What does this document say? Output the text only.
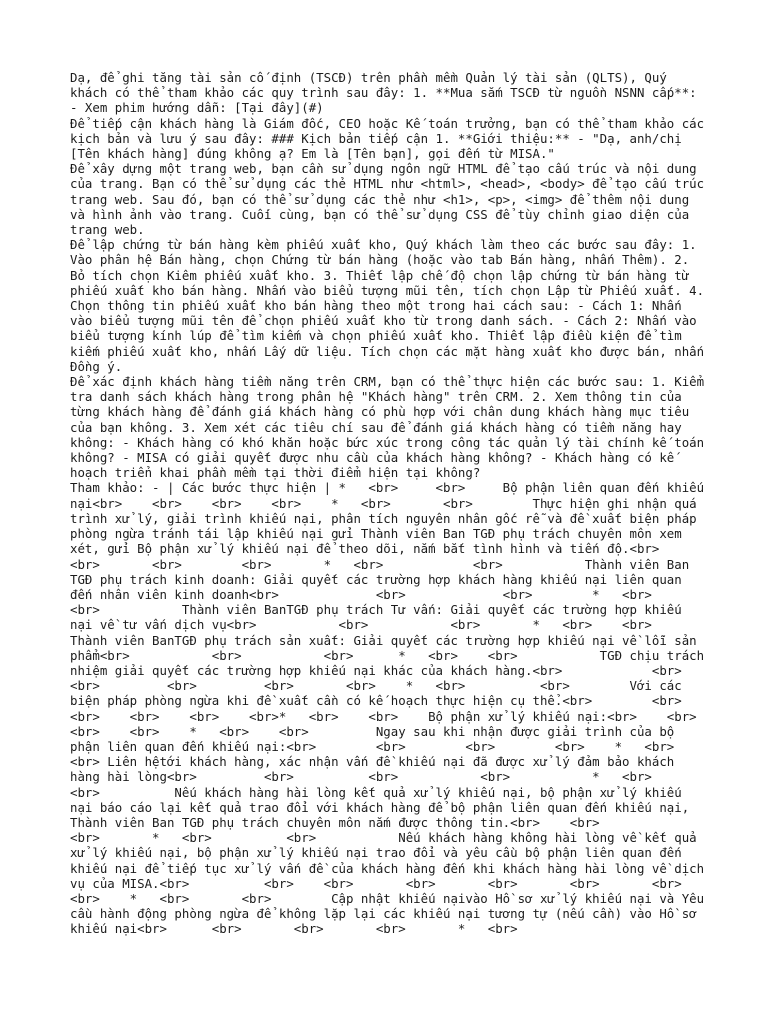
Dạ, để ghi tăng tài sản cố định (TSCĐ) trên phần mềm Quản lý tài sản (QLTS), Quý khách có thể tham khảo các quy trình sau đây: 1. **Mua sắm TSCĐ từ nguồn NSNN cấp**: - Xem phim hướng dẫn: [Tại đây](#)

Để tiếp cận khách hàng là Giám đốc, CEO hoặc Kế toán trưởng, bạn có thể tham khảo các kịch bản và lưu ý sau đây: ### Kịch bản tiếp cận 1. **Giới thiệu:** - "Dạ, anh/chị [Tên khách hàng] đúng không ạ? Em là [Tên bạn], gọi đến từ MISA."

Để xây dựng một trang web, bạn cần sử dụng ngôn ngữ HTML để tạo cấu trúc và nội dung của trang. Bạn có thể sử dụng các thẻ HTML như <html>, <head>, <body> để tạo cấu trúc trang web. Sau đó, bạn có thể sử dụng các thẻ như <h1>, <p>, <img> để thêm nội dung và hình ảnh vào trang. Cuối cùng, bạn có thể sử dụng CSS để tùy chỉnh giao diện của trang web.

Để lập chứng từ bán hàng kèm phiếu xuất kho, Quý khách làm theo các bước sau đây: 1. Vào phân hệ Bán hàng, chọn Chứng từ bán hàng (hoặc vào tab Bán hàng, nhấn Thêm). 2. Bỏ tích chọn Kiêm phiếu xuất kho. 3. Thiết lập chế độ chọn lập chứng từ bán hàng từ phiếu xuất kho bán hàng. Nhấn vào biểu tượng mũi tên, tích chọn Lập từ Phiếu xuất. 4. Chọn thông tin phiếu xuất kho bán hàng theo một trong hai cách sau: - Cách 1: Nhấn vào biểu tượng mũi tên để chọn phiếu xuất kho từ trong danh sách. - Cách 2: Nhấn vào biểu tượng kính lúp để tìm kiếm và chọn phiếu xuất kho. Thiết lập điều kiện để tìm kiếm phiếu xuất kho, nhấn Lấy dữ liệu. Tích chọn các mặt hàng xuất kho được bán, nhấn Đồng ý.

Để xác định khách hàng tiềm năng trên CRM, bạn có thể thực hiện các bước sau: 1. Kiểm tra danh sách khách hàng trong phân hệ "Khách hàng" trên CRM. 2. Xem thông tin của từng khách hàng để đánh giá khách hàng có phù hợp với chân dung khách hàng mục tiêu của bạn không. 3. Xem xét các tiêu chí sau để đánh giá khách hàng có tiềm năng hay không: - Khách hàng có khó khăn hoặc bức xúc trong công tác quản lý tài chính kế toán không? - MISA có giải quyết được nhu cầu của khách hàng không? - Khách hàng có kế hoạch triển khai phần mềm tại thời điểm hiện tại không?

Tham khảo: - | Các bước thực hiện | *   <br>     <br>     Bộ phận liên quan đến khiếu nại<br>    <br>    <br>    <br>    *   <br>       <br>        Thực hiện ghi nhận quá trình xử lý, giải trình khiếu nại, phân tích nguyên nhân gốc rễ và đề xuất biện pháp phòng ngừa tránh tái lập khiếu nại gửi Thành viên Ban TGĐ phụ trách chuyên môn xem xét, gửi Bộ phận xử lý khiếu nại để theo dõi, nắm bắt tình hình và tiến độ.<br>    <br>       <br>        <br>       *   <br>            <br>           Thành viên Ban TGĐ phụ trách kinh doanh: Giải quyết các trường hợp khách hàng khiếu nại liên quan đến nhân viên kinh doanh<br>             <br>             <br>        *   <br>    <br>           Thành viên BanTGĐ phụ trách Tư vấn: Giải quyết các trường hợp khiếu nại về tư vấn dịch vụ<br>           <br>           <br>       *   <br>    <br>           Thành viên BanTGĐ phụ trách sản xuất: Giải quyết các trường hợp khiếu nại về lỗi sản phẩm<br>           <br>           <br>      *   <br>    <br>           TGĐ chịu trách nhiệm giải quyết các trường hợp khiếu nại khác của khách hàng.<br>            <br>          <br>         <br>         <br>       <br>    *   <br>          <br>        Với các biện pháp phòng ngừa khi đề xuất cần có kế hoạch thực hiện cụ thể.<br>        <br>       <br>    <br>    <br>    <br>*   <br>    <br>    Bộ phận xử lý khiếu nại:<br>    <br>    <br>    <br>    *   <br>    <br>         Ngay sau khi nhận được giải trình của bộ phận liên quan đến khiếu nại:<br>        <br>        <br>        <br>    *   <br>          <br> Liên hệtới khách hàng, xác nhận vấn đề khiếu nại đã được xử lý đảm bảo khách hàng hài lòng<br>         <br>          <br>           <br>           *   <br>    <br>          Nếu khách hàng hài lòng kết quả xử lý khiếu nại, bộ phận xử lý khiếu nại báo cáo lại kết quả trao đổi với khách hàng để bộ phận liên quan đến khiếu nại, Thành viên Ban TGĐ phụ trách chuyên môn nắm được thông tin.<br>    <br>           <br>       *   <br>          <br>           Nếu khách hàng không hài lòng về kết quả xử lý khiếu nại, bộ phận xử lý khiếu nại trao đổi và yêu cầu bộ phận liên quan đến khiếu nại để tiếp tục xử lý vấn đề của khách hàng đến khi khách hàng hài lòng về dịch vụ của MISA.<br>          <br>    <br>       <br>       <br>       <br>       <br>    <br>    *   <br>       <br>        Cập nhật khiếu nạivào Hồ sơ xử lý khiếu nại và Yêu cầu hành động phòng ngừa để không lặp lại các khiếu nại tương tự (nếu cần) vào Hồ sơ khiếu nại<br>      <br>       <br>       <br>       *   <br>
